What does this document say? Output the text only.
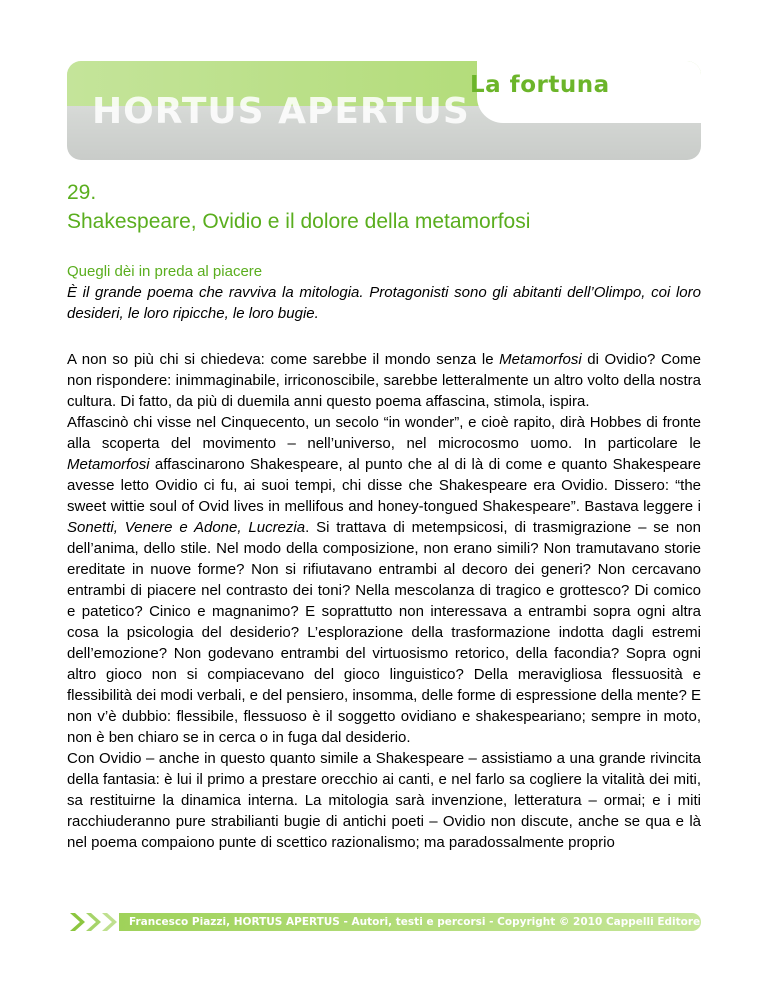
HORTUS APERTUS
La fortuna
29.
Shakespeare, Ovidio e il dolore della metamorfosi
Quegli dèi in preda al piacere
È il grande poema che ravviva la mitologia. Protagonisti sono gli abitanti dell’Olimpo, coi loro desideri, le loro ripicche, le loro bugie.

A non so più chi si chiedeva: come sarebbe il mondo senza le Metamorfosi di Ovidio? Come non rispondere: inimmaginabile, irriconoscibile, sarebbe letteralmente un altro volto della nostra cultura. Di fatto, da più di duemila anni questo poema affascina, stimola, ispira.

Affascinò chi visse nel Cinquecento, un secolo “in wonder”, e cioè rapito, dirà Hobbes di fronte alla scoperta del movimento – nell’universo, nel microcosmo uomo. In particolare le Metamorfosi affascinarono Shakespeare, al punto che al di là di come e quanto Shakespeare avesse letto Ovidio ci fu, ai suoi tempi, chi disse che Shakespeare era Ovidio. Dissero: “the sweet wittie soul of Ovid lives in mellifous and honey-tongued Shakespeare”. Bastava leggere i Sonetti, Venere e Adone, Lucrezia. Si trattava di metempsicosi, di trasmigrazione – se non dell’anima, dello stile. Nel modo della composizione, non erano simili? Non tramutavano storie ereditate in nuove forme? Non si rifiutavano entrambi al decoro dei generi? Non cercavano entrambi di piacere nel contrasto dei toni? Nella mescolanza di tragico e grottesco? Di comico e patetico? Cinico e magnanimo? E soprattutto non interessava a entrambi sopra ogni altra cosa la psicologia del desiderio? L’esplorazione della trasformazione indotta dagli estremi dell’emozione? Non godevano entrambi del virtuosismo retorico, della facondia? Sopra ogni altro gioco non si compiacevano del gioco linguistico? Della meravigliosa flessuosità e flessibilità dei modi verbali, e del pensiero, insomma, delle forme di espressione della mente? E non v’è dubbio: flessibile, flessuoso è il soggetto ovidiano e shakespeariano; sempre in moto, non è ben chiaro se in cerca o in fuga dal desiderio.

Con Ovidio – anche in questo quanto simile a Shakespeare – assistiamo a una grande rivincita della fantasia: è lui il primo a prestare orecchio ai canti, e nel farlo sa cogliere la vitalità dei miti, sa restituirne la dinamica interna. La mitologia sarà invenzione, letteratura – ormai; e i miti racchiuderanno pure strabilianti bugie di antichi poeti – Ovidio non discute, anche se qua e là nel poema compaiono punte di scettico razionalismo; ma paradossalmente proprio

Francesco Piazzi, HORTUS APERTUS - Autori, testi e percorsi - Copyright © 2010 Cappelli Editore
